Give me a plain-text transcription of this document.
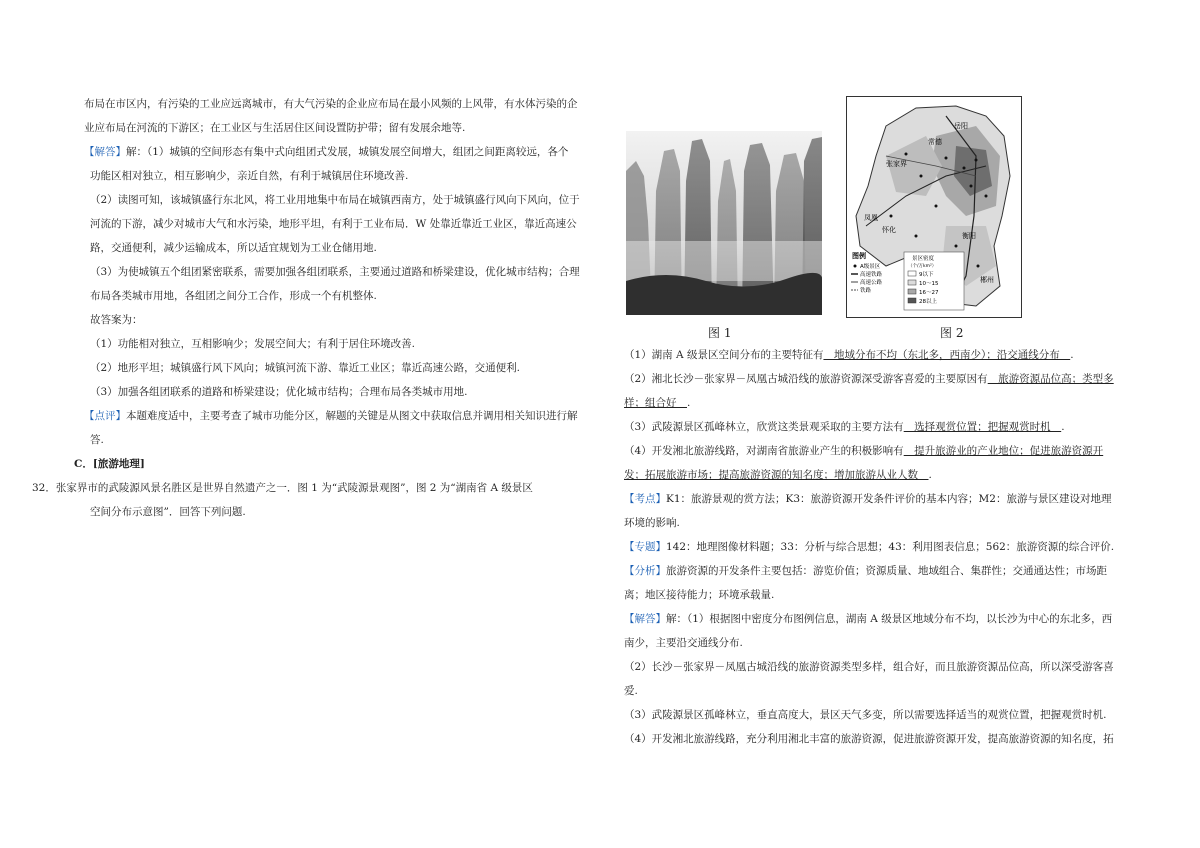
布局在市区内，有污染的工业应远离城市，有大气污染的企业应布局在最小风频的上风带，有水体污染的企
业应布局在河流的下游区；在工业区与生活居住区间设置防护带；留有发展余地等.
【解答】解：（1）城镇的空间形态有集中式向组团式发展，城镇发展空间增大，组团之间距离较远，各个
功能区相对独立，相互影响少，亲近自然，有利于城镇居住环境改善.
（2）读图可知，该城镇盛行东北风，将工业用地集中布局在城镇西南方，处于城镇盛行风向下风向，位于
河流的下游，减少对城市大气和水污染，地形平坦，有利于工业布局．W 处靠近靠近工业区，靠近高速公
路，交通便利，减少运输成本，所以适宜规划为工业仓储用地.
（3）为使城镇五个组团紧密联系，需要加强各组团联系，主要通过道路和桥梁建设，优化城市结构；合理
布局各类城市用地，各组团之间分工合作，形成一个有机整体.
故答案为：
（1）功能相对独立，互相影响少；发展空间大；有利于居住环境改善.
（2）地形平坦；城镇盛行风下风向；城镇河流下游、靠近工业区；靠近高速公路，交通便利.
（3）加强各组团联系的道路和桥梁建设；优化城市结构；合理布局各类城市用地.
【点评】本题难度适中，主要考查了城市功能分区，解题的关键是从图文中获取信息并调用相关知识进行解
答.
C．[旅游地理]
32．张家界市的武陵源风景名胜区是世界自然遗产之一．图 1 为“武陵源景观图”，图 2 为“湖南省 A 级景区
空间分布示意图”．回答下列问题.
图 1
岳阳
常德
张家界
凤凰
怀化
衡阳
郴州
图例
A级景区
高速铁路
高速公路
铁路
景区密度
（个/万km²）
9以下
10～15
16～27
28以上
图 2
（1）湖南 A 级景区空间分布的主要特征有　地域分布不均（东北多，西南少）；沿交通线分布　.
（2）湘北长沙－张家界－凤凰古城沿线的旅游资源深受游客喜爱的主要原因有　旅游资源品位高；类型多
样；组合好　.
（3）武陵源景区孤峰林立，欣赏这类景观采取的主要方法有　选择观赏位置；把握观赏时机　.
（4）开发湘北旅游线路，对湖南省旅游业产生的积极影响有　提升旅游业的产业地位；促进旅游资源开
发；拓展旅游市场；提高旅游资源的知名度；增加旅游从业人数　.
【考点】K1：旅游景观的赏方法；K3：旅游资源开发条件评价的基本内容；M2：旅游与景区建设对地理
环境的影响.
【专题】142：地理图像材料题；33：分析与综合思想；43：利用图表信息；562：旅游资源的综合评价.
【分析】旅游资源的开发条件主要包括：游览价值；资源质量、地域组合、集群性；交通通达性；市场距
离；地区接待能力；环境承载量.
【解答】解：（1）根据图中密度分布图例信息，湖南 A 级景区地域分布不均，以长沙为中心的东北多，西
南少，主要沿交通线分布.
（2）长沙－张家界－凤凰古城沿线的旅游资源类型多样，组合好，而且旅游资源品位高，所以深受游客喜
爱.
（3）武陵源景区孤峰林立，垂直高度大，景区天气多变，所以需要选择适当的观赏位置，把握观赏时机.
（4）开发湘北旅游线路，充分利用湘北丰富的旅游资源，促进旅游资源开发，提高旅游资源的知名度，拓
